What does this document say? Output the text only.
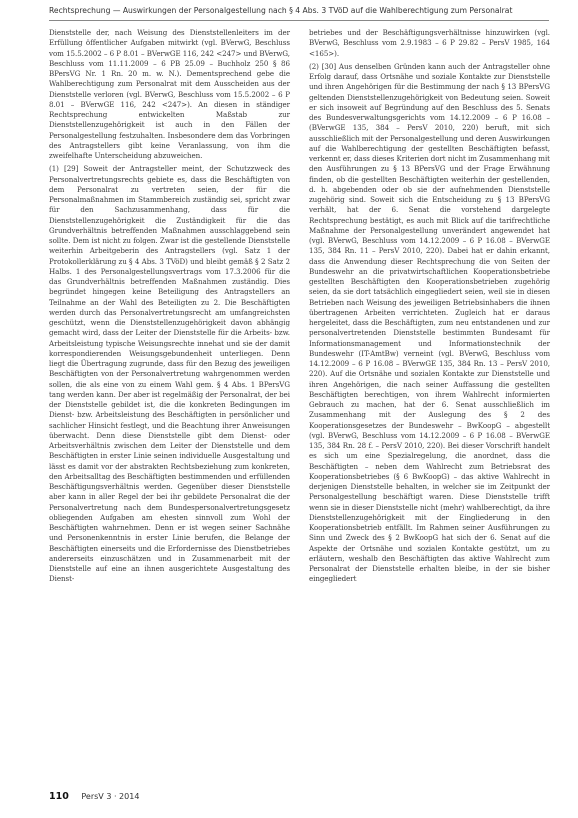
Rechtsprechung — Auswirkungen der Personalgestellung nach § 4 Abs. 3 TVöD auf die Wahlberechtigung zum Personalrat

Dienststelle der, nach Weisung des Dienststellenleiters im der Erfüllung öffentlicher Aufgaben mitwirkt (vgl. BVerwG, Beschluss vom 15.5.2002 – 6 P 8.01 – BVerwGE 116, 242 <247> und BVerwG, Beschluss vom 11.11.2009 – 6 PB 25.09 – Buchholz 250 § 86 BPersVG Nr. 1 Rn. 20 m. w. N.). Dementsprechend gebe die Wahlberechtigung zum Personalrat mit dem Ausscheiden aus der Dienststelle verloren (vgl. BVerwG, Beschluss vom 15.5.2002 – 6 P 8.01 – BVerwGE 116, 242 <247>). An diesen in ständiger Rechtsprechung entwickelten Maßstab zur Dienststellenzugehörigkeit ist auch in den Fällen der Personalgestellung festzuhalten. Insbesondere dem das Vorbringen des Antragstellers gibt keine Veranlassung, von ihm die zweifelhafte Unterscheidung abzuweichen.

(1) [29] Soweit der Antragsteller meint, der Schutzzweck des Personalvertretungsrechts gebiete es, dass die Beschäftigten von dem Personalrat zu vertreten seien, der für die Personalmaßnahmen im Stammbereich zuständig sei, spricht zwar für den Sachzusammenhang, dass für die Dienststellenzugehörigkeit die Zuständigkeit für die das Grundverhältnis betreffenden Maßnahmen ausschlaggebend sein sollte. Dem ist nicht zu folgen. Zwar ist die gestellende Dienststelle weiterhin Arbeitgeberin des Antragstellers (vgl. Satz 1 der Protokollerklärung zu § 4 Abs. 3 TVöD) und bleibt gemäß § 2 Satz 2 Halbs. 1 des Personalgestellungsvertrags vom 17.3.2006 für die das Grundverhältnis betreffenden Maßnahmen zuständig. Dies begründet hingegen keine Beteiligung des Antragstellers an Teilnahme an der Wahl des Beteiligten zu 2. Die Beschäftigten werden durch das Personalvertretungsrecht am umfangreichsten geschützt, wenn die Dienststellenzugehörigkeit davon abhängig gemacht wird, dass der Leiter der Dienststelle für die Arbeits- bzw. Arbeitsleistung typische Weisungsrechte innehat und sie der damit korrespondierenden Weisungsgebundenheit unterliegen. Denn liegt die Übertragung zugrunde, dass für den Bezug des jeweiligen Beschäftigten von der Personalvertretung wahrgenommen werden sollen, die als eine von zu einem Wahl gem. § 4 Abs. 1 BPersVG tang werden kann. Der aber ist regelmäßig der Personalrat, der bei der Dienststelle gebildet ist, die die konkreten Bedingungen im Dienst- bzw. Arbeitsleistung des Beschäftigten in persönlicher und sachlicher Hinsicht festlegt, und die Beachtung ihrer Anweisungen überwacht. Denn diese Dienststelle gibt dem Dienst- oder Arbeitsverhältnis zwischen dem Leiter der Dienststelle und dem Beschäftigten in erster Linie seinen individuelle Ausgestaltung und lässt es damit vor der abstrakten Rechtsbeziehung zum konkreten, den Arbeitsalltag des Beschäftigten bestimmenden und erfüllenden Beschäftigungsverhältnis werden. Gegenüber dieser Dienststelle aber kann in aller Regel der bei ihr gebildete Personalrat die der Personalvertretung nach dem Bundespersonalvertretungsgesetz obliegenden Aufgaben am ehesten sinnvoll zum Wohl der Beschäftigten wahrnehmen. Denn er ist wegen seiner Sachnähe und Personenkenntnis in erster Linie berufen, die Belange der Beschäftigten einerseits und die Erfordernisse des Dienstbetriebes andererseits einzuschätzen und in Zusammenarbeit mit der Dienststelle auf eine an ihnen ausgerichtete Ausgestaltung des Dienst-

betriebes und der Beschäftigungsverhältnisse hinzuwirken (vgl. BVerwG, Beschluss vom 2.9.1983 – 6 P 29.82 – PersV 1985, 164 <165>).

(2) [30] Aus denselben Gründen kann auch der Antragsteller ohne Erfolg darauf, dass Ortsnähe und soziale Kontakte zur Dienststelle und ihren Angehörigen für die Bestimmung der nach § 13 BPersVG geltenden Dienststellenzugehörigkeit von Bedeutung seien. Soweit er sich insoweit auf Begründung auf den Beschluss des 5. Senats des Bundesverwaltungsgerichts vom 14.12.2009 – 6 P 16.08 – (BVerwGE 135, 384 – PersV 2010, 220) beruft, mit sich ausschließlich mit der Personalgestellung und deren Auswirkungen auf die Wahlberechtigung der gestellten Beschäftigten befasst, verkennt er, dass dieses Kriterien dort nicht im Zusammenhang mit den Ausführungen zu § 13 BPersVG und der Frage Erwähnung finden, ob die gestellten Beschäftigten weiterhin der gestellenden, d. h. abgebenden oder ob sie der aufnehmenden Dienststelle zugehörig sind. Soweit sich die Entscheidung zu § 13 BPersVG verhält, hat der 6. Senat die vorstehend dargelegte Rechtsprechung bestätigt, es auch mit Blick auf die tarifrechtliche Maßnahme der Personalgestellung unverändert angewendet hat (vgl. BVerwG, Beschluss vom 14.12.2009 – 6 P 16.08 – BVerwGE 135, 384 Rn. 11 – PersV 2010, 220). Dabei hat er dahin erkannt, dass die Anwendung dieser Rechtsprechung die von Seiten der Bundeswehr an die privatwirtschaftlichen Kooperationsbetriebe gestellten Beschäftigten den Kooperationsbetrieben zugehörig seien, da sie dort tatsächlich eingegliedert seien, weil sie in diesen Betrieben nach Weisung des jeweiligen Betriebsinhabers die ihnen übertragenen Arbeiten verrichteten. Zugleich hat er daraus hergeleitet, dass die Beschäftigten, zum neu entstandenen und zur personalvertretenden Dienststelle bestimmten Bundesamt für Informationsmanagement und Informationstechnik der Bundeswehr (IT-AmtBw) verneint (vgl. BVerwG, Beschluss vom 14.12.2009 – 6 P 16.08 – BVerwGE 135, 384 Rn. 13 – PersV 2010, 220). Auf die Ortsnähe und sozialen Kontakte zur Dienststelle und ihren Angehörigen, die nach seiner Auffassung die gestellten Beschäftigten berechtigen, von ihrem Wahlrecht informierten Gebrauch zu machen, hat der 6. Senat ausschließlich im Zusammenhang mit der Auslegung des § 2 des Kooperationsgesetzes der Bundeswehr – BwKoopG – abgestellt (vgl. BVerwG, Beschluss vom 14.12.2009 – 6 P 16.08 – BVerwGE 135, 384 Rn. 28 f. – PersV 2010, 220). Bei dieser Vorschrift handelt es sich um eine Spezialregelung, die anordnet, dass die Beschäftigten – neben dem Wahlrecht zum Betriebsrat des Kooperationsbetriebes (§ 6 BwKoopG) – das aktive Wahlrecht in derjenigen Dienststelle behalten, in welcher sie im Zeitpunkt der Personalgestellung beschäftigt waren. Diese Dienststelle trifft wenn sie in dieser Dienststelle nicht (mehr) wahlberechtigt, da ihre Dienststellenzugehörigkeit mit der Eingliederung in den Kooperationsbetrieb entfällt. Im Rahmen seiner Ausführungen zu Sinn und Zweck des § 2 BwKoopG hat sich der 6. Senat auf die Aspekte der Ortsnähe und sozialen Kontakte gestützt, um zu erläutern, weshalb den Beschäftigten das aktive Wahlrecht zum Personalrat der Dienststelle erhalten bleibe, in der sie bisher eingegliedert

110 PersV 3 · 2014
